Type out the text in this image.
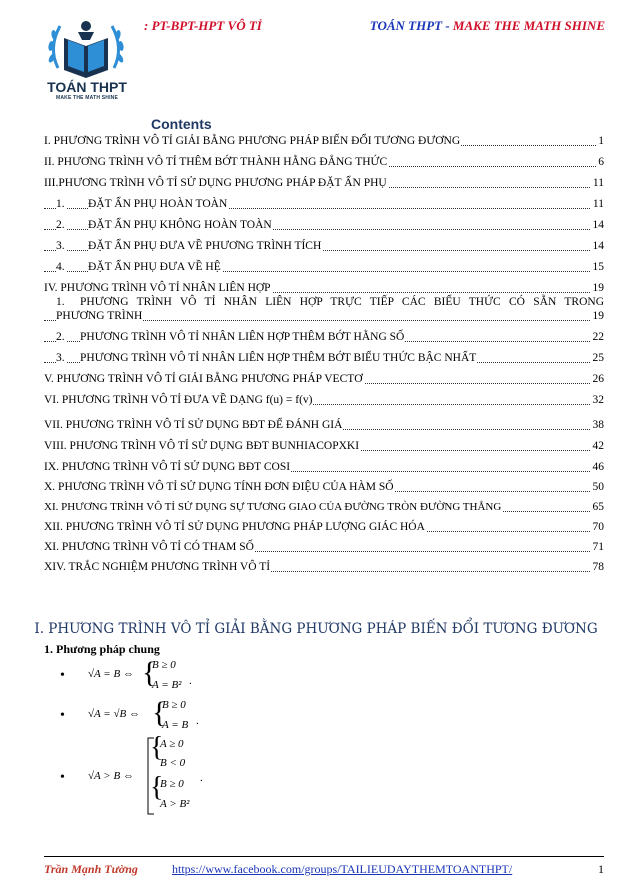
: PT-BPT-HPT VÔ TỈ	TOÁN THPT - MAKE THE MATH SHINE
TOÁN THPT
MAKE THE MATH SHINE
Contents
I. PHƯƠNG TRÌNH VÔ TỈ GIẢI BẰNG PHƯƠNG PHÁP BIẾN ĐỔI TƯƠNG ĐƯƠNG	1
II. PHƯƠNG TRÌNH VÔ TỈ THÊM BỚT THÀNH HẰNG ĐẲNG THỨC	6
III.PHƯƠNG TRÌNH VÔ TỈ SỬ DỤNG PHƯƠNG PHÁP ĐẶT ẨN PHỤ	11
1. ĐẶT ẨN PHỤ HOÀN TOÀN	11
2. ĐẶT ẨN PHỤ KHÔNG HOÀN TOÀN	14
3. ĐẶT ẨN PHỤ ĐƯA VỀ PHƯƠNG TRÌNH TÍCH	14
4. ĐẶT ẨN PHỤ ĐƯA VỀ HỆ	15
IV. PHƯƠNG TRÌNH VÔ TỈ NHÂN LIÊN HỢP	19
1. PHƯƠNG TRÌNH VÔ TỈ NHÂN LIÊN HỢP TRỰC TIẾP CÁC BIỂU THỨC CÓ SẴN TRONG
PHƯƠNG TRÌNH	19
2. PHƯƠNG TRÌNH VÔ TỈ NHÂN LIÊN HỢP THÊM BỚT HẰNG SỐ	22
3. PHƯƠNG TRÌNH VÔ TỈ NHÂN LIÊN HỢP THÊM BỚT BIỂU THỨC BẬC NHẤT	25
V. PHƯƠNG TRÌNH VÔ TỈ GIẢI BẰNG PHƯƠNG PHÁP VECTƠ	26
VI. PHƯƠNG TRÌNH VÔ TỈ ĐƯA VỀ DẠNG f(u) = f(v)	32
VII. PHƯƠNG TRÌNH VÔ TỈ SỬ DỤNG BĐT ĐỂ ĐÁNH GIÁ	38
VIII. PHƯƠNG TRÌNH VÔ TỈ SỬ DỤNG BĐT BUNHIACOPXKI	42
IX. PHƯƠNG TRÌNH VÔ TỈ SỬ DỤNG BĐT COSI	46
X. PHƯƠNG TRÌNH VÔ TỈ SỬ DỤNG TÍNH ĐƠN ĐIỆU CỦA HÀM SỐ	50
XI. PHƯƠNG TRÌNH VÔ TỈ SỬ DỤNG SỰ TƯƠNG GIAO CỦA ĐƯỜNG TRÒN ĐƯỜNG THẲNG	65
XII. PHƯƠNG TRÌNH VÔ TỈ SỬ DỤNG PHƯƠNG PHÁP LƯỢNG GIÁC HÓA	70
XI. PHƯƠNG TRÌNH VÔ TỈ CÓ THAM SỐ	71
XIV. TRẮC NGHIỆM PHƯƠNG TRÌNH VÔ TỈ	78
I. PHƯƠNG TRÌNH VÔ TỈ GIẢI BẰNG PHƯƠNG PHÁP BIẾN ĐỔI TƯƠNG ĐƯƠNG
1. Phương pháp chung
• √A = B ⇔ {
B ≥ 0
A = B² .
• √A = √B ⇔ {
B ≥ 0
A = B .
• √A > B ⇔
{
A ≥ 0
B < 0
{
B ≥ 0
A > B²
.
Trần Mạnh Tường	https://www.facebook.com/groups/TAILIEUDAYTHEMTOANTHPT/	1
